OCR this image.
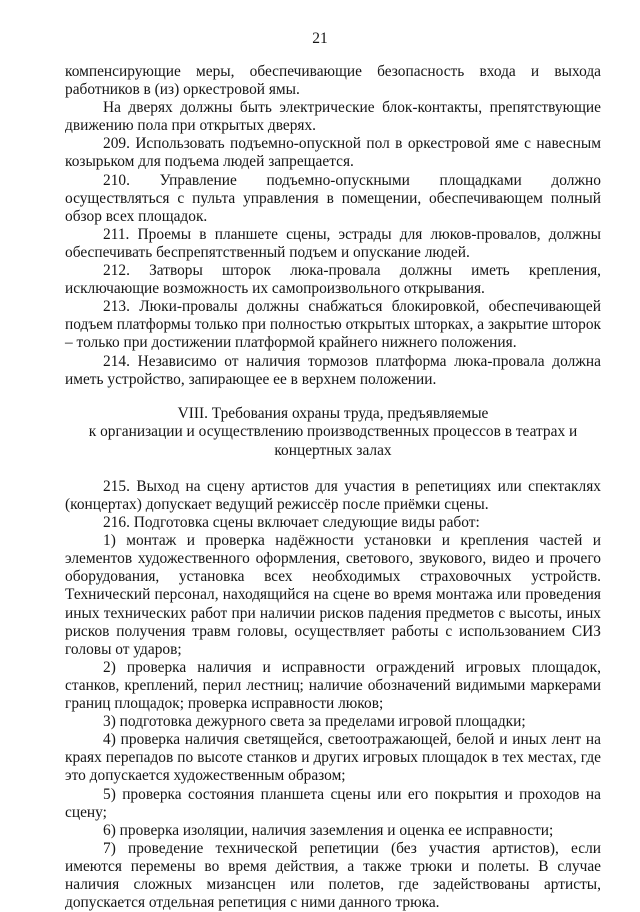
21

компенсирующие меры, обеспечивающие безопасность входа и выхода работников в (из) оркестровой ямы.

На дверях должны быть электрические блок-контакты, препятствующие движению пола при открытых дверях.

209. Использовать подъемно-опускной пол в оркестровой яме с навесным козырьком для подъема людей запрещается.

210. Управление подъемно-опускными площадками должно осуществляться с пульта управления в помещении, обеспечивающем полный обзор всех площадок.

211. Проемы в планшете сцены, эстрады для люков-провалов, должны обеспечивать беспрепятственный подъем и опускание людей.

212. Затворы шторок люка-провала должны иметь крепления, исключающие возможность их самопроизвольного открывания.

213. Люки-провалы должны снабжаться блокировкой, обеспечивающей подъем платформы только при полностью открытых шторках, а закрытие шторок – только при достижении платформой крайнего нижнего положения.

214. Независимо от наличия тормозов платформа люка-провала должна иметь устройство, запирающее ее в верхнем положении.

VIII. Требования охраны труда, предъявляемые
к организации и осуществлению производственных процессов в театрах и
концертных залах

215. Выход на сцену артистов для участия в репетициях или спектаклях (концертах) допускает ведущий режиссёр после приёмки сцены.

216. Подготовка сцены включает следующие виды работ:

1) монтаж и проверка надёжности установки и крепления частей и элементов художественного оформления, светового, звукового, видео и прочего оборудования, установка всех необходимых страховочных устройств. Технический персонал, находящийся на сцене во время монтажа или проведения иных технических работ при наличии рисков падения предметов с высоты, иных рисков получения травм головы, осуществляет работы с использованием СИЗ головы от ударов;

2) проверка наличия и исправности ограждений игровых площадок, станков, креплений, перил лестниц; наличие обозначений видимыми маркерами границ площадок; проверка исправности люков;

3) подготовка дежурного света за пределами игровой площадки;

4) проверка наличия светящейся, светоотражающей, белой и иных лент на краях перепадов по высоте станков и других игровых площадок в тех местах, где это допускается художественным образом;

5) проверка состояния планшета сцены или его покрытия и проходов на сцену;

6) проверка изоляции, наличия заземления и оценка ее исправности;

7) проведение технической репетиции (без участия артистов), если имеются перемены во время действия, а также трюки и полеты. В случае наличия сложных мизансцен или полетов, где задействованы артисты, допускается отдельная репетиция с ними данного трюка.
